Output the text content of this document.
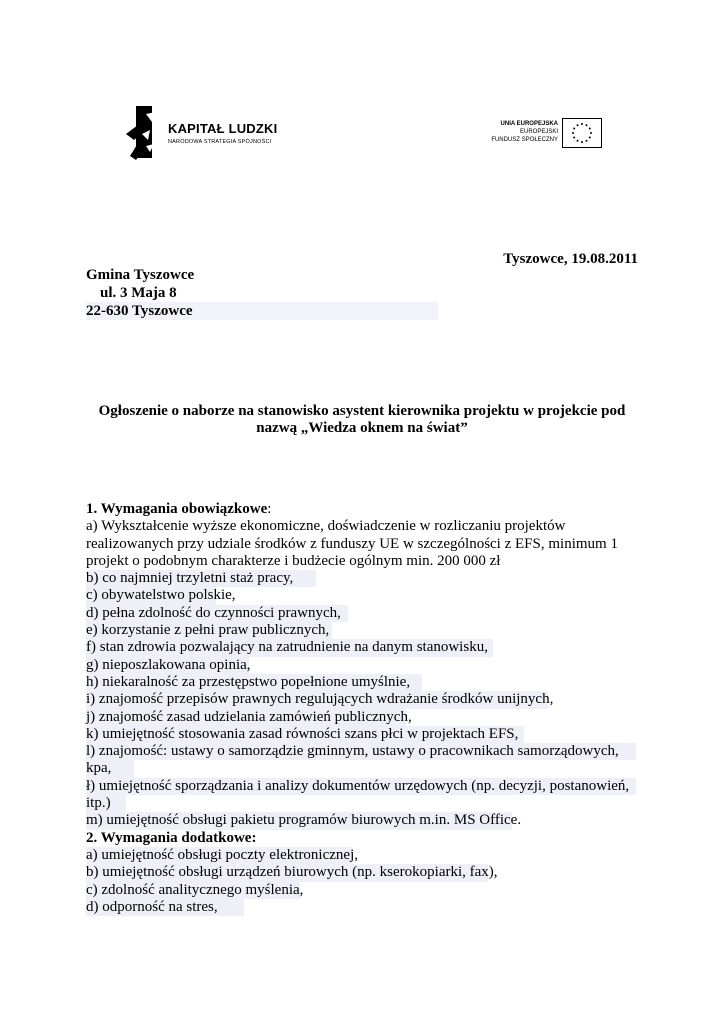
KAPITAŁ LUDZKI
NARODOWA STRATEGIA SPÓJNOŚCI
UNIA EUROPEJSKA
EUROPEJSKI
FUNDUSZ SPOŁECZNY
Tyszowce, 19.08.2011
Gmina Tyszowce
ul. 3 Maja 8
22-630 Tyszowce
Ogłoszenie o naborze na stanowisko asystent kierownika projektu w projekcie pod
nazwą „Wiedza oknem na świat”
1. Wymagania obowiązkowe:
a) Wykształcenie wyższe ekonomiczne, doświadczenie w rozliczaniu projektów
realizowanych przy udziale środków z funduszy UE w szczególności z EFS, minimum 1
projekt o podobnym charakterze i budżecie ogólnym min. 200 000 zł
b) co najmniej trzyletni staż pracy,
c) obywatelstwo polskie,
d) pełna zdolność do czynności prawnych,
e) korzystanie z pełni praw publicznych,
f) stan zdrowia pozwalający na zatrudnienie na danym stanowisku,
g) nieposzlakowana opinia,
h) niekaralność za przestępstwo popełnione umyślnie,
i) znajomość przepisów prawnych regulujących wdrażanie środków unijnych,
j) znajomość zasad udzielania zamówień publicznych,
k) umiejętność stosowania zasad równości szans płci w projektach EFS,
l) znajomość: ustawy o samorządzie gminnym, ustawy o pracownikach samorządowych,
kpa,
ł) umiejętność sporządzania i analizy dokumentów urzędowych (np. decyzji, postanowień,
itp.)
m) umiejętność obsługi pakietu programów biurowych m.in. MS Office.
2. Wymagania dodatkowe:
a) umiejętność obsługi poczty elektronicznej,
b) umiejętność obsługi urządzeń biurowych (np. kserokopiarki, fax),
c) zdolność analitycznego myślenia,
d) odporność na stres,
